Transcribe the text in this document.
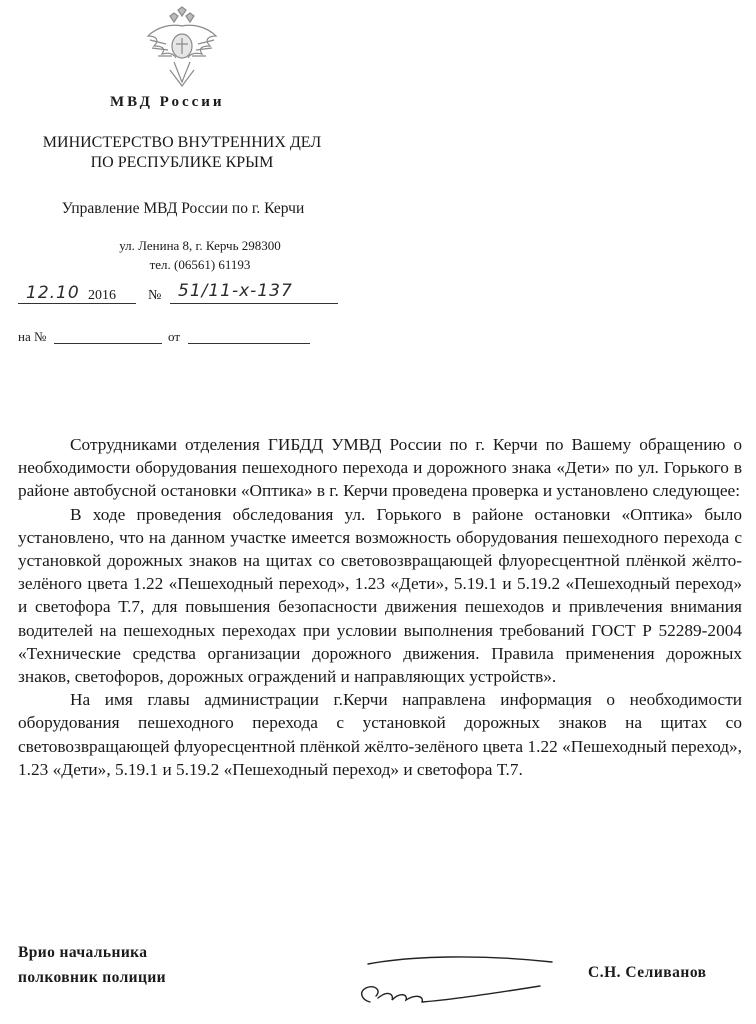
МВД России
МИНИСТЕРСТВО ВНУТРЕННИХ ДЕЛ
ПО РЕСПУБЛИКЕ КРЫМ
Управление МВД России по г. Керчи
ул. Ленина 8, г. Керчь 298300
тел. (06561) 61193
12.10 2016 № 51/11-х-137
на №	от

Сотрудниками отделения ГИБДД УМВД России по г. Керчи по Вашему обращению о необходимости оборудования пешеходного перехода и дорожного знака «Дети» по ул. Горького в районе автобусной остановки «Оптика» в г. Керчи проведена проверка и установлено следующее:

В ходе проведения обследования ул. Горького в районе остановки «Оптика» было установлено, что на данном участке имеется возможность оборудования пешеходного перехода с установкой дорожных знаков на щитах со световозвращающей флуоресцентной плёнкой жёлто-зелёного цвета 1.22 «Пешеходный переход», 1.23 «Дети», 5.19.1 и 5.19.2 «Пешеходный переход» и светофора Т.7, для повышения безопасности движения пешеходов и привлечения внимания водителей на пешеходных переходах при условии выполнения требований ГОСТ Р 52289-2004 «Технические средства организации дорожного движения. Правила применения дорожных знаков, светофоров, дорожных ограждений и направляющих устройств».

На имя главы администрации г.Керчи направлена информация о необходимости оборудования пешеходного перехода с установкой дорожных знаков на щитах со световозвращающей флуоресцентной плёнкой жёлто-зелёного цвета 1.22 «Пешеходный переход», 1.23 «Дети», 5.19.1 и 5.19.2 «Пешеходный переход» и светофора Т.7.

Врио начальника
полковник полиции	С.Н. Селиванов
